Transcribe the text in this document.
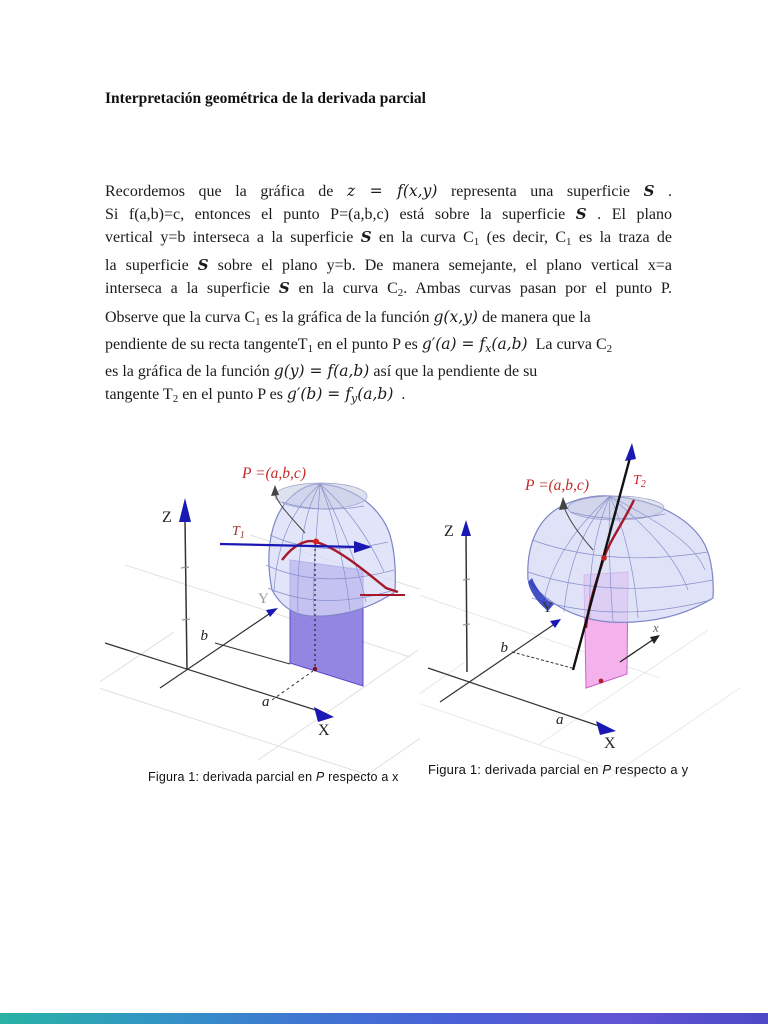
Interpretación geométrica de la derivada parcial
Recordemos que la gráfica de z = f(x,y) representa una superficie S .
Si f(a,b)=c, entonces el punto P=(a,b,c) está sobre la superficie S . El plano
vertical y=b interseca a la superficie S en la curva C1 (es decir, C1 es la traza de
la superficie S sobre el plano y=b. De manera semejante, el plano vertical x=a
interseca a la superficie S en la curva C2. Ambas curvas pasan por el punto P.
Observe que la curva C1 es la gráfica de la función g(x,y) de manera que la
pendiente de su recta tangenteT1 en el punto P es g′(a) = fx(a,b)  La curva C2
es la gráfica de la función g(y) = f(a,b) así que la pendiente de su
tangente T2 en el punto P es g′(b) = fy(a,b)  .
Z
Y
X
b
a
$T_1$
P =(a,b,c)
Z
Y
X
x
b
a
$T_2$
P =(a,b,c)
Figura 1: derivada parcial en P respecto a x Figura 1: derivada parcial en P respecto a y
